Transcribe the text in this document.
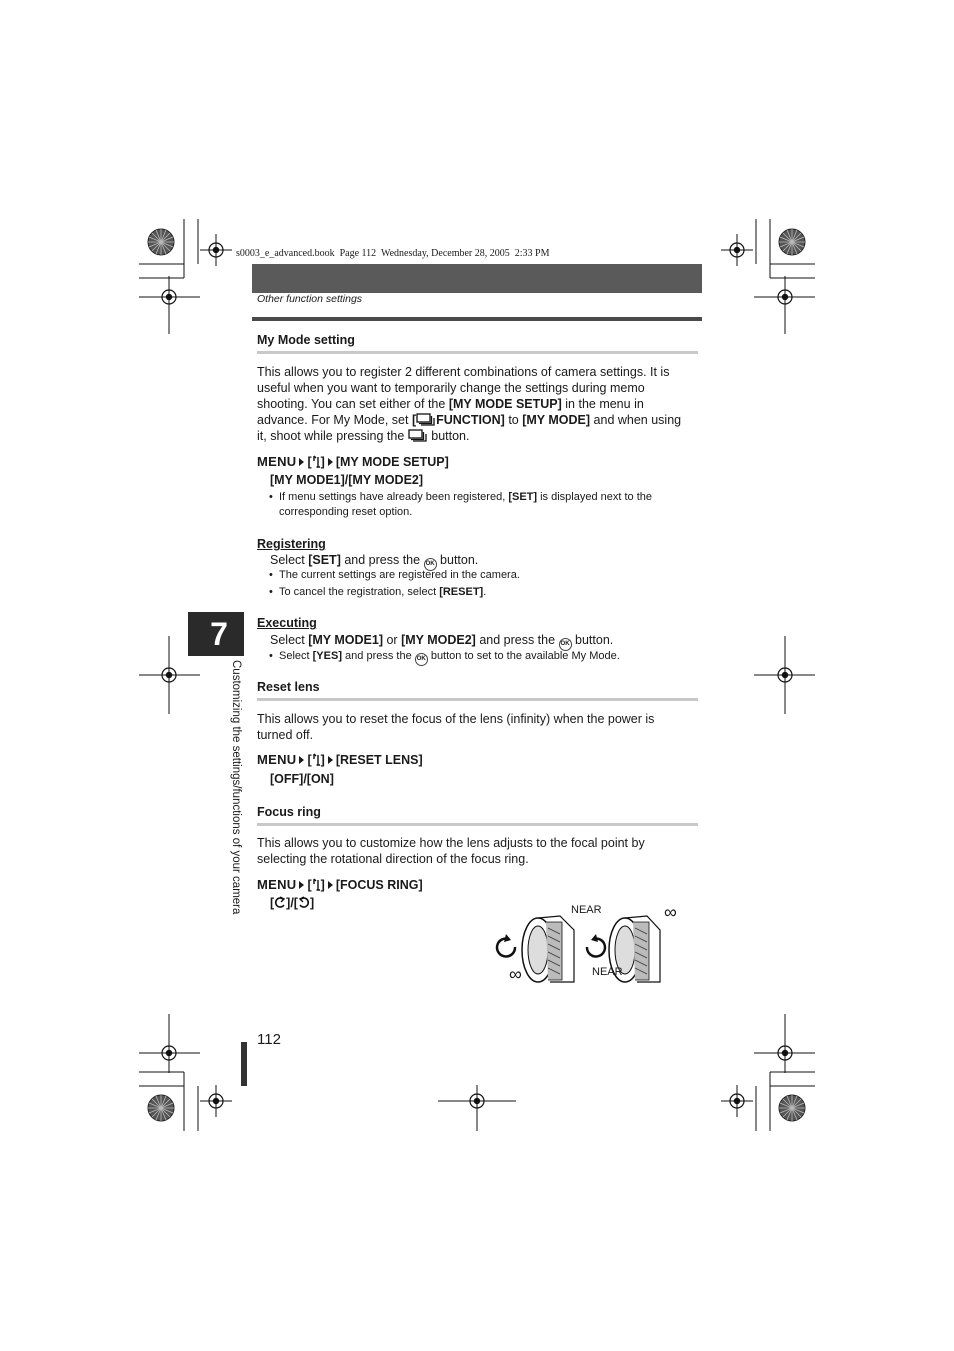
s0003_e_advanced.book  Page 112  Wednesday, December 28, 2005  2:33 PM
Other function settings
7
Customizing the settings/functions of your camera
My Mode setting
This allows you to register 2 different combinations of camera settings. It is
useful when you want to temporarily change the settings during memo
shooting. You can set either of the [MY MODE SETUP] in the menu in
advance. For My Mode, set [ FUNCTION] to [MY MODE] and when using
it, shoot while pressing the  button.
MENU [ ] [MY MODE SETUP]
[MY MODE1]/[MY MODE2]
• If menu settings have already been registered, [SET] is displayed next to the
corresponding reset option.
Registering
Select [SET] and press the OK button.
• The current settings are registered in the camera.
• To cancel the registration, select [RESET].
Executing
Select [MY MODE1] or [MY MODE2] and press the OK button.
• Select [YES] and press the OK button to set to the available My Mode.
Reset lens
This allows you to reset the focus of the lens (infinity) when the power is
turned off.
MENU [ ] [RESET LENS]
[OFF]/[ON]
Focus ring
This allows you to customize how the lens adjusts to the focal point by
selecting the rotational direction of the focus ring.
MENU [ ] [FOCUS RING]
[ ]/[ ]	NEAR
∞
∞
NEAR
112
